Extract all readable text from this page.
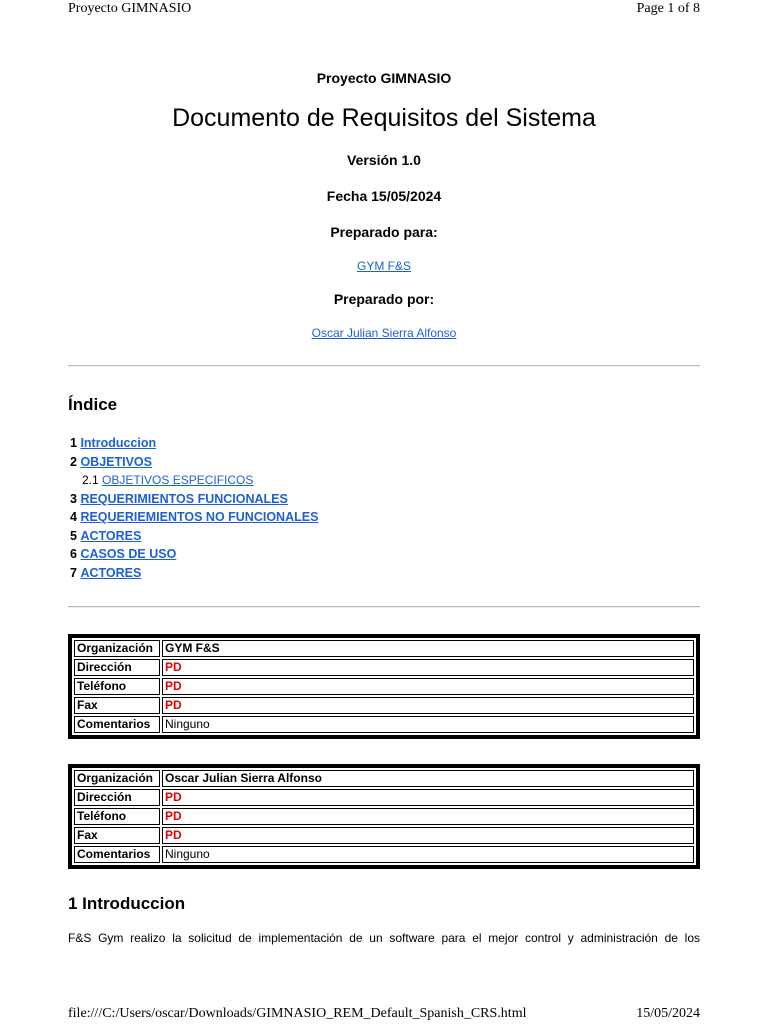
Proyecto GIMNASIO	Page 1 of 8
Proyecto GIMNASIO
Documento de Requisitos del Sistema
Versión 1.0
Fecha 15/05/2024
Preparado para:
GYM F&S
Preparado por:
Oscar Julian Sierra Alfonso
Índice
1 Introduccion
2 OBJETIVOS
2.1 OBJETIVOS ESPECIFICOS
3 REQUERIMIENTOS FUNCIONALES
4 REQUERIEMIENTOS NO FUNCIONALES
5 ACTORES
6 CASOS DE USO
7 ACTORES
Organización	GYM F&S
Dirección	PD
Teléfono	PD
Fax	PD
Comentarios	Ninguno
Organización	Oscar Julian Sierra Alfonso
Dirección	PD
Teléfono	PD
Fax	PD
Comentarios	Ninguno
1 Introduccion
F&S Gym realizo la solicitud de implementación de un software para el mejor control y administración de los
file:///C:/Users/oscar/Downloads/GIMNASIO_REM_Default_Spanish_CRS.html	15/05/2024
